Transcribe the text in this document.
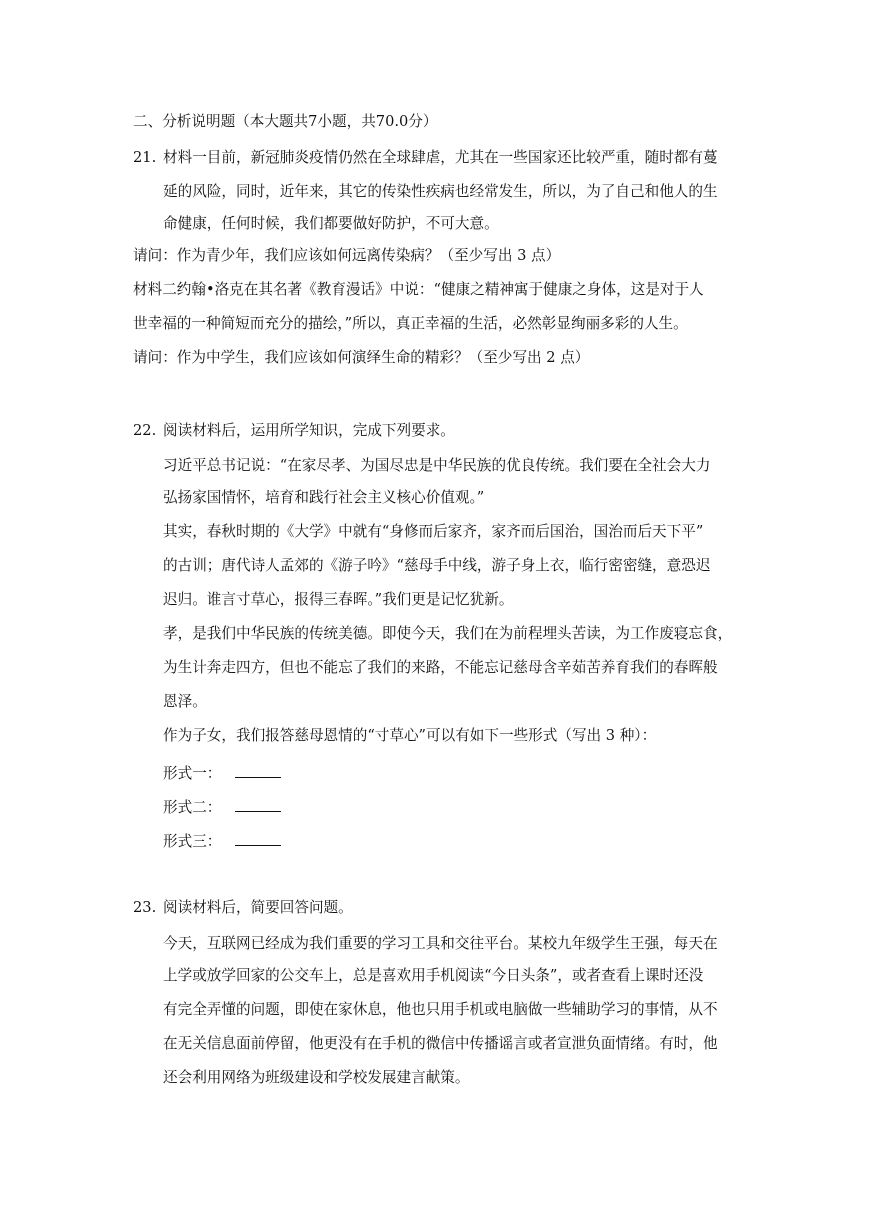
二、分析说明题（本大题共7小题，共70.0分）
21. 材料一目前，新冠肺炎疫情仍然在全球肆虐，尤其在一些国家还比较严重，随时都有蔓
延的风险，同时，近年来，其它的传染性疾病也经常发生，所以，为了自己和他人的生
命健康，任何时候，我们都要做好防护，不可大意。
请问：作为青少年，我们应该如何远离传染病？（至少写出 3 点）
材料二约翰•洛克在其名著《教育漫话》中说：“健康之精神寓于健康之身体，这是对于人
世幸福的一种简短而充分的描绘，”所以，真正幸福的生活，必然彰显绚丽多彩的人生。
请问：作为中学生，我们应该如何演绎生命的精彩？（至少写出 2 点）
22. 阅读材料后，运用所学知识，完成下列要求。
习近平总书记说：“在家尽孝、为国尽忠是中华民族的优良传统。我们要在全社会大力
弘扬家国情怀，培育和践行社会主义核心价值观。”
其实，春秋时期的《大学》中就有“身修而后家齐，家齐而后国治，国治而后天下平”
的古训；唐代诗人孟郊的《游子吟》“慈母手中线，游子身上衣，临行密密缝，意恐迟
迟归。谁言寸草心，报得三春晖。”我们更是记忆犹新。
孝，是我们中华民族的传统美德。即使今天，我们在为前程埋头苦读，为工作废寝忘食，
为生计奔走四方，但也不能忘了我们的来路，不能忘记慈母含辛茹苦养育我们的春晖般
恩泽。
作为子女，我们报答慈母恩情的“寸草心”可以有如下一些形式（写出 3 种）：
形式一：
形式二：
形式三：
23. 阅读材料后，简要回答问题。
今天，互联网已经成为我们重要的学习工具和交往平台。某校九年级学生王强，每天在
上学或放学回家的公交车上，总是喜欢用手机阅读“今日头条”，或者查看上课时还没
有完全弄懂的问题，即使在家休息，他也只用手机或电脑做一些辅助学习的事情，从不
在无关信息面前停留，他更没有在手机的微信中传播谣言或者宣泄负面情绪。有时，他
还会利用网络为班级建设和学校发展建言献策。
